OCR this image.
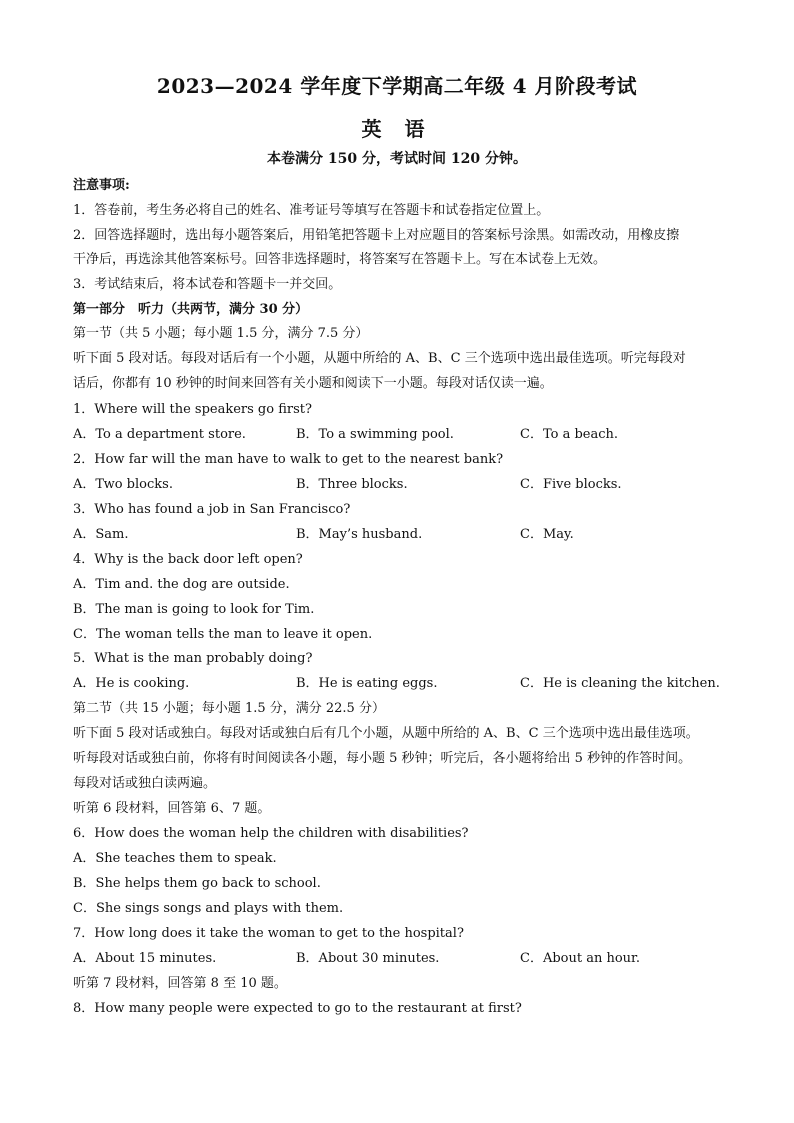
2023—2024 学年度下学期高二年级 4 月阶段考试
英 语
本卷满分 150 分，考试时间 120 分钟。
注意事项:
1．答卷前，考生务必将自己的姓名、准考证号等填写在答题卡和试卷指定位置上。
2．回答选择题时，选出每小题答案后，用铅笔把答题卡上对应题目的答案标号涂黑。如需改动，用橡皮擦
干净后，再选涂其他答案标号。回答非选择题时，将答案写在答题卡上。写在本试卷上无效。
3．考试结束后，将本试卷和答题卡一并交回。
第一部分　听力（共两节，满分 30 分）
第一节（共 5 小题；每小题 1.5 分，满分 7.5 分）
听下面 5 段对话。每段对话后有一个小题，从题中所给的 A、B、C 三个选项中选出最佳选项。听完每段对
话后，你都有 10 秒钟的时间来回答有关小题和阅读下一小题。每段对话仅读一遍。
1．Where will the speakers go first?
A．To a department store.	B．To a swimming pool.	C．To a beach.
2．How far will the man have to walk to get to the nearest bank?
A．Two blocks.	B．Three blocks.	C．Five blocks.
3．Who has found a job in San Francisco?
A．Sam.	B．May’s husband.	C．May.
4．Why is the back door left open?
A．Tim and. the dog are outside.
B．The man is going to look for Tim.
C．The woman tells the man to leave it open.
5．What is the man probably doing?
A．He is cooking.	B．He is eating eggs.	C．He is cleaning the kitchen.
第二节（共 15 小题；每小题 1.5 分，满分 22.5 分）
听下面 5 段对话或独白。每段对话或独白后有几个小题，从题中所给的 A、B、C 三个选项中选出最佳选项。
听每段对话或独白前，你将有时间阅读各小题，每小题 5 秒钟；听完后，各小题将给出 5 秒钟的作答时间。
每段对话或独白读两遍。
听第 6 段材料，回答第 6、7 题。
6．How does the woman help the children with disabilities?
A．She teaches them to speak.
B．She helps them go back to school.
C．She sings songs and plays with them.
7．How long does it take the woman to get to the hospital?
A．About 15 minutes.	B．About 30 minutes.	C．About an hour.
听第 7 段材料，回答第 8 至 10 题。
8．How many people were expected to go to the restaurant at first?
